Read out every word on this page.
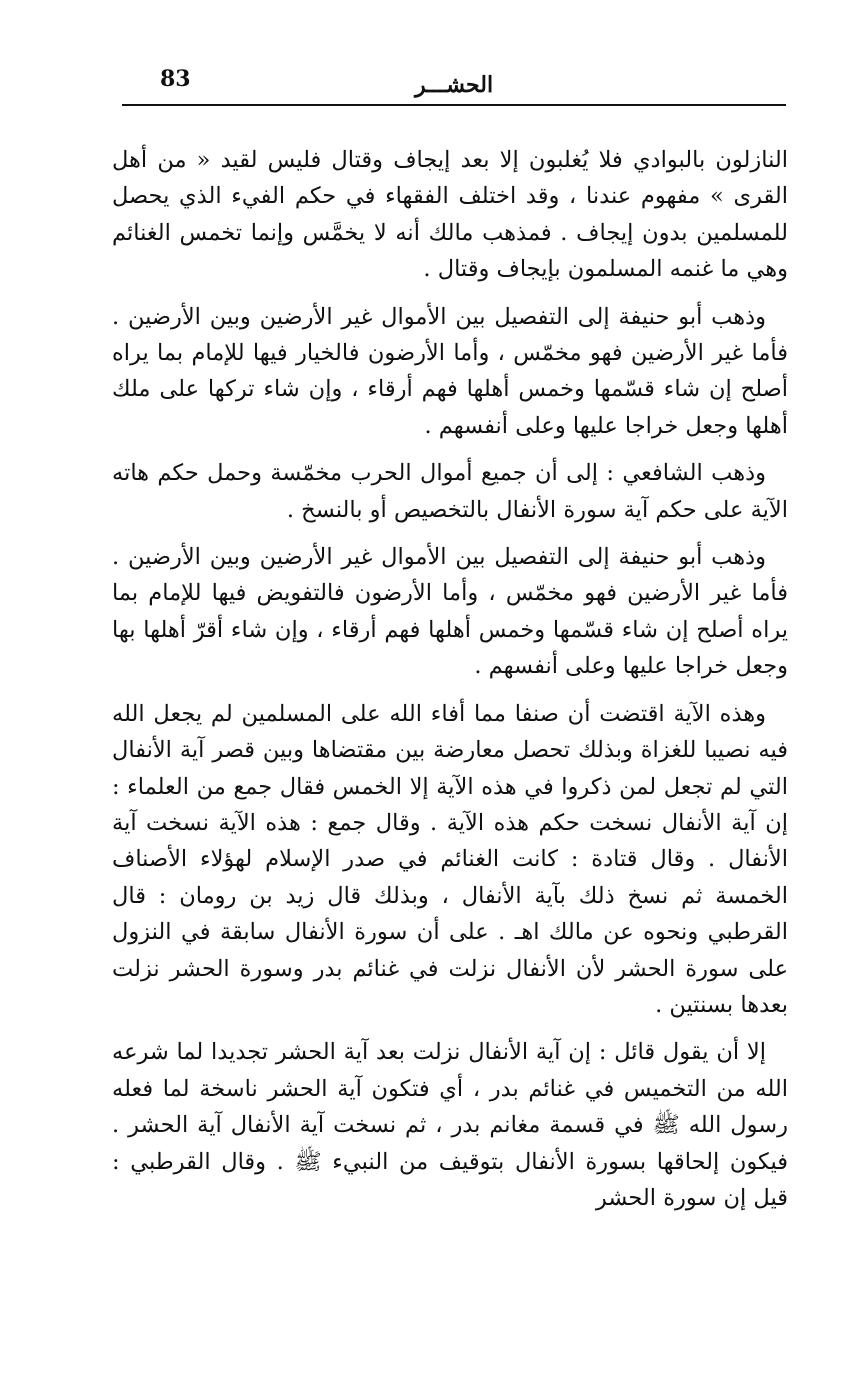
83	الحشـــر

النازلون بالبوادي فلا يُغلبون إلا بعد إيجاف وقتال فليس لقيد « من أهل القرى » مفهوم عندنا ، وقد اختلف الفقهاء في حكم الفيء الذي يحصل للمسلمين بدون إيجاف . فمذهب مالك أنه لا يخمَّس وإنما تخمس الغنائم وهي ما غنمه المسلمون بإيجاف وقتال .

وذهب أبو حنيفة إلى التفصيل بين الأموال غير الأرضين وبين الأرضين . فأما غير الأرضين فهو مخمّس ، وأما الأرضون فالخيار فيها للإمام بما يراه أصلح إن شاء قسّمها وخمس أهلها فهم أرقاء ، وإن شاء تركها على ملك أهلها وجعل خراجا عليها وعلى أنفسهم .

وذهب الشافعي : إلى أن جميع أموال الحرب مخمّسة وحمل حكم هاته الآية على حكم آية سورة الأنفال بالتخصيص أو بالنسخ .

وذهب أبو حنيفة إلى التفصيل بين الأموال غير الأرضين وبين الأرضين . فأما غير الأرضين فهو مخمّس ، وأما الأرضون فالتفويض فيها للإمام بما يراه أصلح إن شاء قسّمها وخمس أهلها فهم أرقاء ، وإن شاء أقرّ أهلها بها وجعل خراجا عليها وعلى أنفسهم .

وهذه الآية اقتضت أن صنفا مما أفاء الله على المسلمين لم يجعل الله فيه نصيبا للغزاة وبذلك تحصل معارضة بين مقتضاها وبين قصر آية الأنفال التي لم تجعل لمن ذكروا في هذه الآية إلا الخمس فقال جمع من العلماء : إن آية الأنفال نسخت حكم هذه الآية . وقال جمع : هذه الآية نسخت آية الأنفال . وقال قتادة : كانت الغنائم في صدر الإسلام لهؤلاء الأصناف الخمسة ثم نسخ ذلك بآية الأنفال ، وبذلك قال زيد بن رومان : قال القرطبي ونحوه عن مالك اهـ . على أن سورة الأنفال سابقة في النزول على سورة الحشر لأن الأنفال نزلت في غنائم بدر وسورة الحشر نزلت بعدها بسنتين .

إلا أن يقول قائل : إن آية الأنفال نزلت بعد آية الحشر تجديدا لما شرعه الله من التخميس في غنائم بدر ، أي فتكون آية الحشر ناسخة لما فعله رسول الله ﷺ في قسمة مغانم بدر ، ثم نسخت آية الأنفال آية الحشر . فيكون إلحاقها بسورة الأنفال بتوقيف من النبيء ﷺ . وقال القرطبي : قيل إن سورة الحشر
